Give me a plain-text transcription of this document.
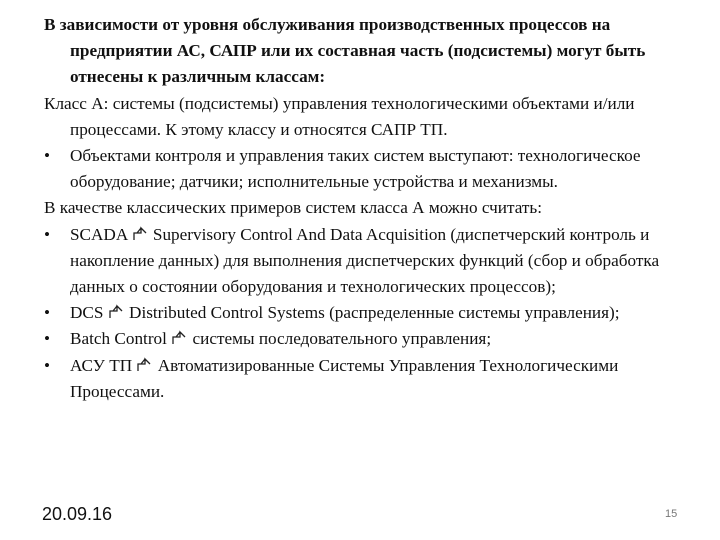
В зависимости от уровня обслуживания производственных процессов на предприятии АС, САПР или их составная часть (подсистемы) могут быть отнесены к различным классам:
Класс А: системы (подсистемы) управления технологическими объектами и/или процессами. К этому классу и относятся САПР ТП.
• Объектами контроля и управления таких систем выступают: технологическое оборудование; датчики; исполнительные устройства и механизмы.
В качестве классических примеров систем класса А можно считать:
• SCADA Supervisory Control And Data Acquisition (диспетчерский контроль и накопление данных) для выполнения диспетчерских функций (сбор и обработка данных о состоянии оборудования и технологических процессов);
• DCS Distributed Control Systems (распределенные системы управления);
• Batch Control системы последовательного управления;
• АСУ ТП Автоматизированные Системы Управления Технологическими Процессами.
20.09.16	15
